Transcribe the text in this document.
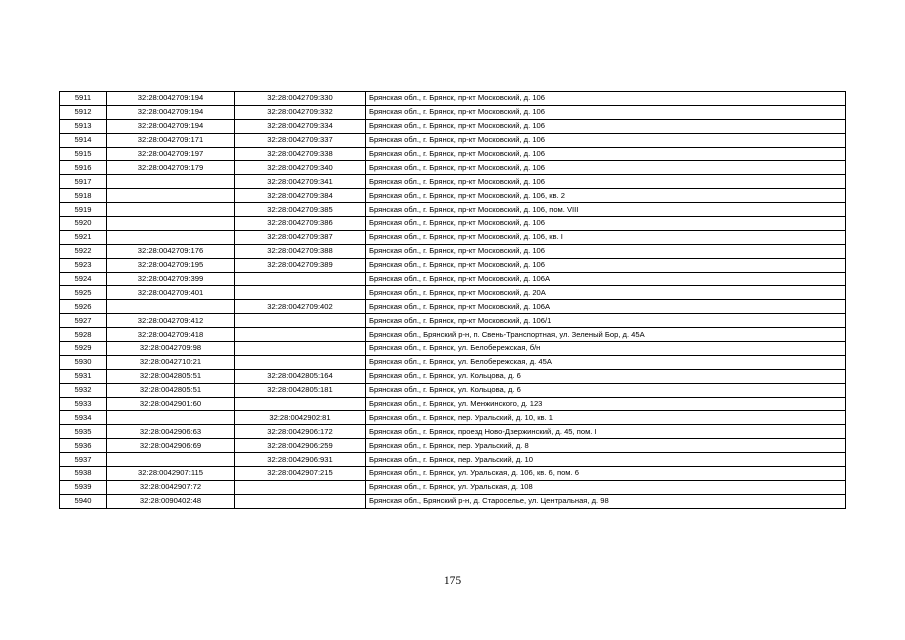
5911	32:28:0042709:194	32:28:0042709:330	Брянская обл., г. Брянск, пр-кт Московский, д. 106
5912	32:28:0042709:194	32:28:0042709:332	Брянская обл., г. Брянск, пр-кт Московский, д. 106
5913	32:28:0042709:194	32:28:0042709:334	Брянская обл., г. Брянск, пр-кт Московский, д. 106
5914	32:28:0042709:171	32:28:0042709:337	Брянская обл., г. Брянск, пр-кт Московский, д. 106
5915	32:28:0042709:197	32:28:0042709:338	Брянская обл., г. Брянск, пр-кт Московский, д. 106
5916	32:28:0042709:179	32:28:0042709:340	Брянская обл., г. Брянск, пр-кт Московский, д. 106
5917		32:28:0042709:341	Брянская обл., г. Брянск, пр-кт Московский, д. 106
5918		32:28:0042709:384	Брянская обл., г. Брянск, пр-кт Московский, д. 106, кв. 2
5919		32:28:0042709:385	Брянская обл., г. Брянск, пр-кт Московский, д. 106, пом. VIII
5920		32:28:0042709:386	Брянская обл., г. Брянск, пр-кт Московский, д. 106
5921		32:28:0042709:387	Брянская обл., г. Брянск, пр-кт Московский, д. 106, кв. I
5922	32:28:0042709:176	32:28:0042709:388	Брянская обл., г. Брянск, пр-кт Московский, д. 106
5923	32:28:0042709:195	32:28:0042709:389	Брянская обл., г. Брянск, пр-кт Московский, д. 106
5924	32:28:0042709:399		Брянская обл., г. Брянск, пр-кт Московский, д. 106А
5925	32:28:0042709:401		Брянская обл., г. Брянск, пр-кт Московский, д. 20А
5926		32:28:0042709:402	Брянская обл., г. Брянск, пр-кт Московский, д. 106А
5927	32:28:0042709:412		Брянская обл., г. Брянск, пр-кт Московский, д. 106/1
5928	32:28:0042709:418		Брянская обл., Брянский р-н, п. Свень-Транспортная, ул. Зеленый Бор, д. 45А
5929	32:28:0042709:98		Брянская обл., г. Брянск, ул. Белобережская, б/н
5930	32:28:0042710:21		Брянская обл., г. Брянск, ул. Белобережская, д. 45А
5931	32:28:0042805:51	32:28:0042805:164	Брянская обл., г. Брянск, ул. Кольцова, д. 6
5932	32:28:0042805:51	32:28:0042805:181	Брянская обл., г. Брянск, ул. Кольцова, д. 6
5933	32:28:0042901:60		Брянская обл., г. Брянск, ул. Менжинского, д. 123
5934		32:28:0042902:81	Брянская обл., г. Брянск, пер. Уральский, д. 10, кв. 1
5935	32:28:0042906:63	32:28:0042906:172	Брянская обл., г. Брянск, проезд Ново-Дзержинский, д. 45, пом. I
5936	32:28:0042906:69	32:28:0042906:259	Брянская обл., г. Брянск, пер. Уральский, д. 8
5937		32:28:0042906:931	Брянская обл., г. Брянск, пер. Уральский, д. 10
5938	32:28:0042907:115	32:28:0042907:215	Брянская обл., г. Брянск, ул. Уральская, д. 106, кв. 6, пом. 6
5939	32:28:0042907:72		Брянская обл., г. Брянск, ул. Уральская, д. 108
5940	32:28:0090402:48		Брянская обл., Брянский р-н, д. Староселье, ул. Центральная, д. 98
175
